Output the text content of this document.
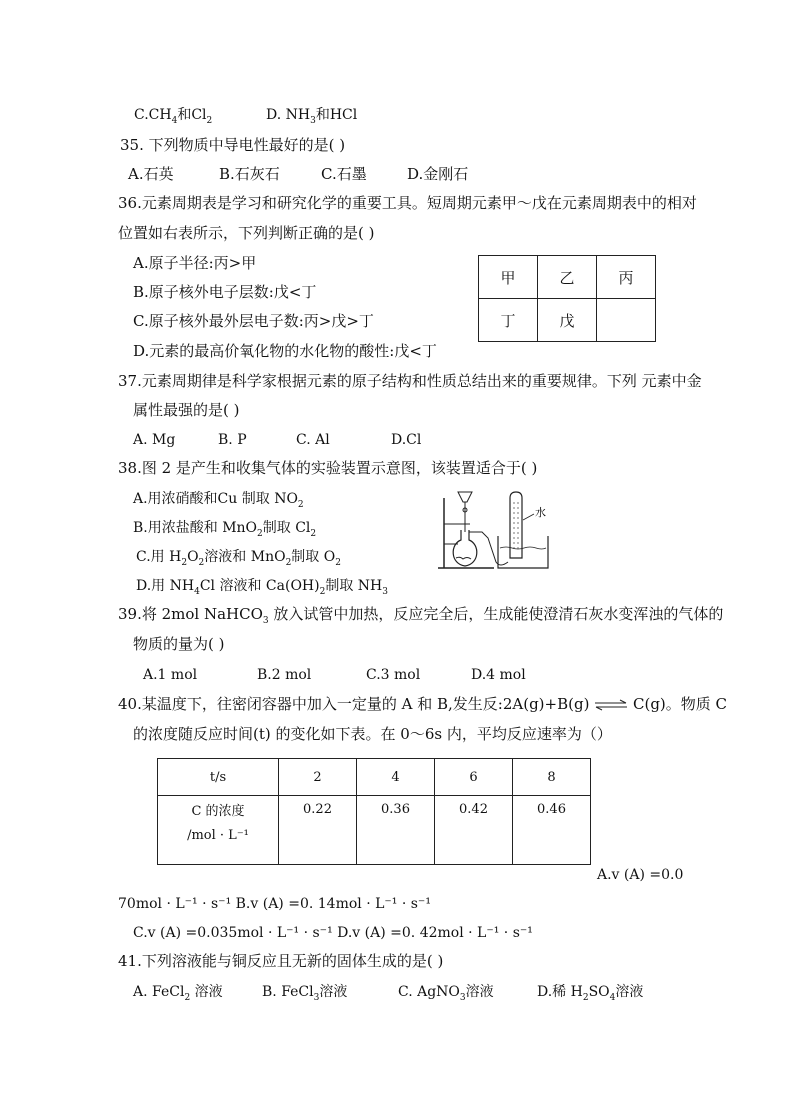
$C.CH_4$和$Cl_2$	D. $NH_3$和HCl
35. 下列物质中导电性最好的是( )
A.石英	B.石灰石	C.石墨	D.金刚石
36.元素周期表是学习和研究化学的重要工具。短周期元素甲～戊在元素周期表中的相对
位置如右表所示，下列判断正确的是( )
A.原子半径:丙>甲
B.原子核外电子层数:戊<丁
C.原子核外最外层电子数:丙>戊>丁
D.元素的最高价氧化物的水化物的酸性:戊<丁
甲	乙	丙
丁	戊	
37.元素周期律是科学家根据元素的原子结构和性质总结出来的重要规律。下列 元素中金
属性最强的是( )
A. Mg	B. P	C. Al	D.Cl
38.图 2 是产生和收集气体的实验装置示意图，该装置适合于( )
A.用浓硝酸和Cu 制取 $NO_2$
B.用浓盐酸和 MnO$_2$制取 $Cl_2$
C.用 $H_2O_2$溶液和 MnO$_2$制取 $O_2$
D.用 $NH_4Cl$ 溶液和 $Ca(OH)_2$制取 $NH_3$
水
39.将 2mol NaHCO$_3$ 放入试管中加热，反应完全后，生成能使澄清石灰水变浑浊的气体的
物质的量为( )
A.1 mol	B.2 mol	C.3 mol	D.4 mol
40.某温度下，往密闭容器中加入一定量的 A 和 B,发生反:2A(g)+B(g) ⇌ C(g)。物质 C
的浓度随反应时间(t) 的变化如下表。在 0～6s 内，平均反应速率为（）
t/s	2	4	6	8

C 的浓度
/mol · L⁻¹	0.22	0.36	0.42	0.46
A.v (A) =0.0
70mol · L⁻¹ · s⁻¹ B.v (A) =0. 14mol · L⁻¹ · s⁻¹
C.v (A) =0.035mol · L⁻¹ · s⁻¹ D.v (A) =0. 42mol · L⁻¹ · s⁻¹
41.下列溶液能与铜反应且无新的固体生成的是( )
A. FeCl$_2$ 溶液	B. FeCl$_3$溶液	C. AgNO$_3$溶液	D.稀 $H_2SO_4$溶液
